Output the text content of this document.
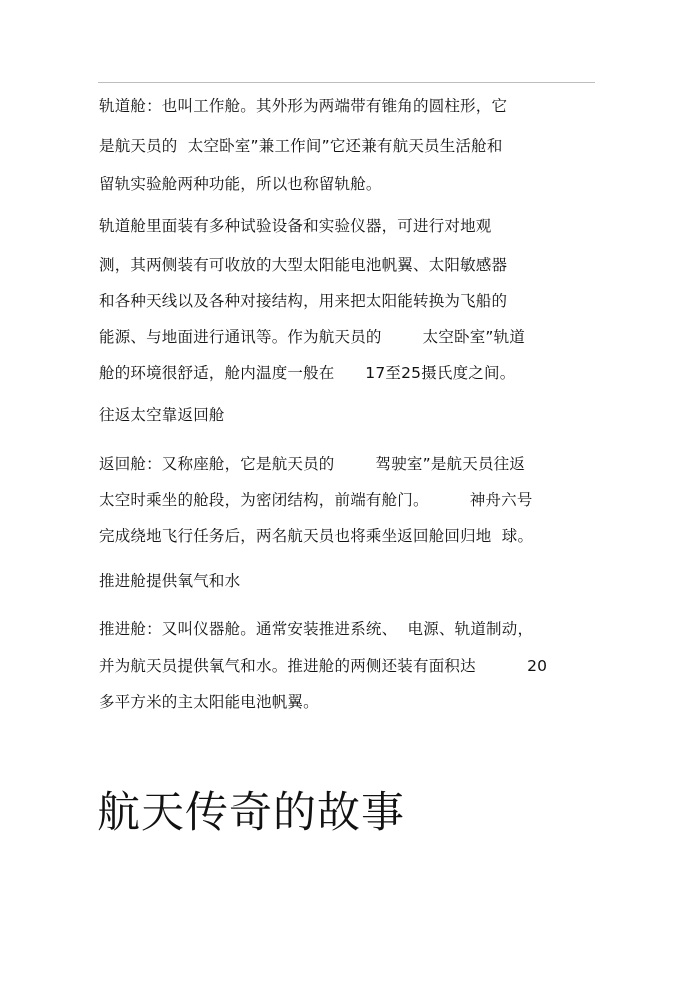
轨道舱：也叫工作舱。其外形为两端带有锥角的圆柱形，它
是航天员的  太空卧室”兼工作间”它还兼有航天员生活舱和
留轨实验舱两种功能，所以也称留轨舱。
轨道舱里面装有多种试验设备和实验仪器，可进行对地观
测，其两侧装有可收放的大型太阳能电池帆翼、太阳敏感器
和各种天线以及各种对接结构，用来把太阳能转换为飞船的
能源、与地面进行通讯等。作为航天员的        太空卧室”轨道
舱的环境很舒适，舱内温度一般在      17至25摄氏度之间。
往返太空靠返回舱
返回舱：又称座舱，它是航天员的        驾驶室”是航天员往返
太空时乘坐的舱段，为密闭结构，前端有舱门。        神舟六号
完成绕地飞行任务后，两名航天员也将乘坐返回舱回归地  球。
推进舱提供氧气和水
推进舱：又叫仪器舱。通常安装推进系统、  电源、轨道制动，
并为航天员提供氧气和水。推进舱的两侧还装有面积达          20
多平方米的主太阳能电池帆翼。
航天传奇的故事
